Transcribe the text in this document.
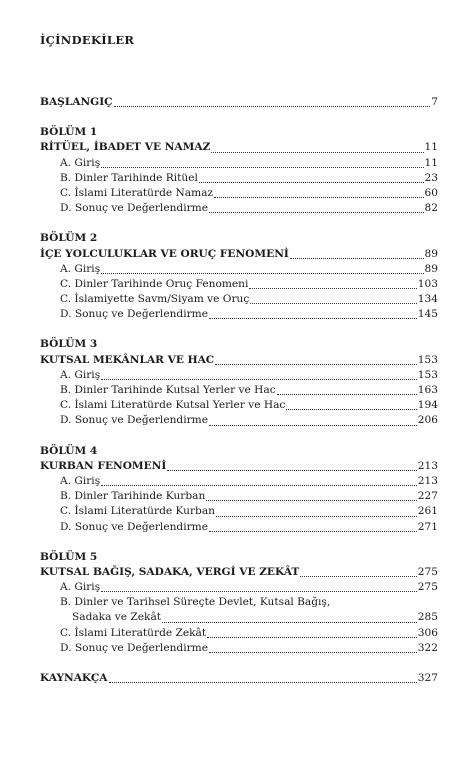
İÇİNDEKİLER
BAŞLANGIÇ	7
BÖLÜM 1
RİTÜEL, İBADET VE NAMAZ	11
A. Giriş	11
B. Dinler Tarihinde Ritüel	23
C. İslami Literatürde Namaz	60
D. Sonuç ve Değerlendirme	82
BÖLÜM 2
İÇE YOLCULUKLAR VE ORUÇ FENOMENİ	89
A. Giriş	89
C. Dinler Tarihinde Oruç Fenomeni	103
C. İslamiyette Savm/Siyam ve Oruç	134
D. Sonuç ve Değerlendirme	145
BÖLÜM 3
KUTSAL MEKÂNLAR VE HAC	153
A. Giriş	153
B. Dinler Tarihinde Kutsal Yerler ve Hac	163
C. İslami Literatürde Kutsal Yerler ve Hac	194
D. Sonuç ve Değerlendirme	206
BÖLÜM 4
KURBAN FENOMENİ	213
A. Giriş	213
B. Dinler Tarihinde Kurban	227
C. İslami Literatürde Kurban	261
D. Sonuç ve Değerlendirme	271
BÖLÜM 5
KUTSAL BAĞIŞ, SADAKA, VERGİ VE ZEKÂT	275
A. Giriş	275
B. Dinler ve Tarihsel Süreçte Devlet, Kutsal Bağış,
Sadaka ve Zekât	285
C. İslami Literatürde Zekât	306
D. Sonuç ve Değerlendirme	322
KAYNAKÇA	327
